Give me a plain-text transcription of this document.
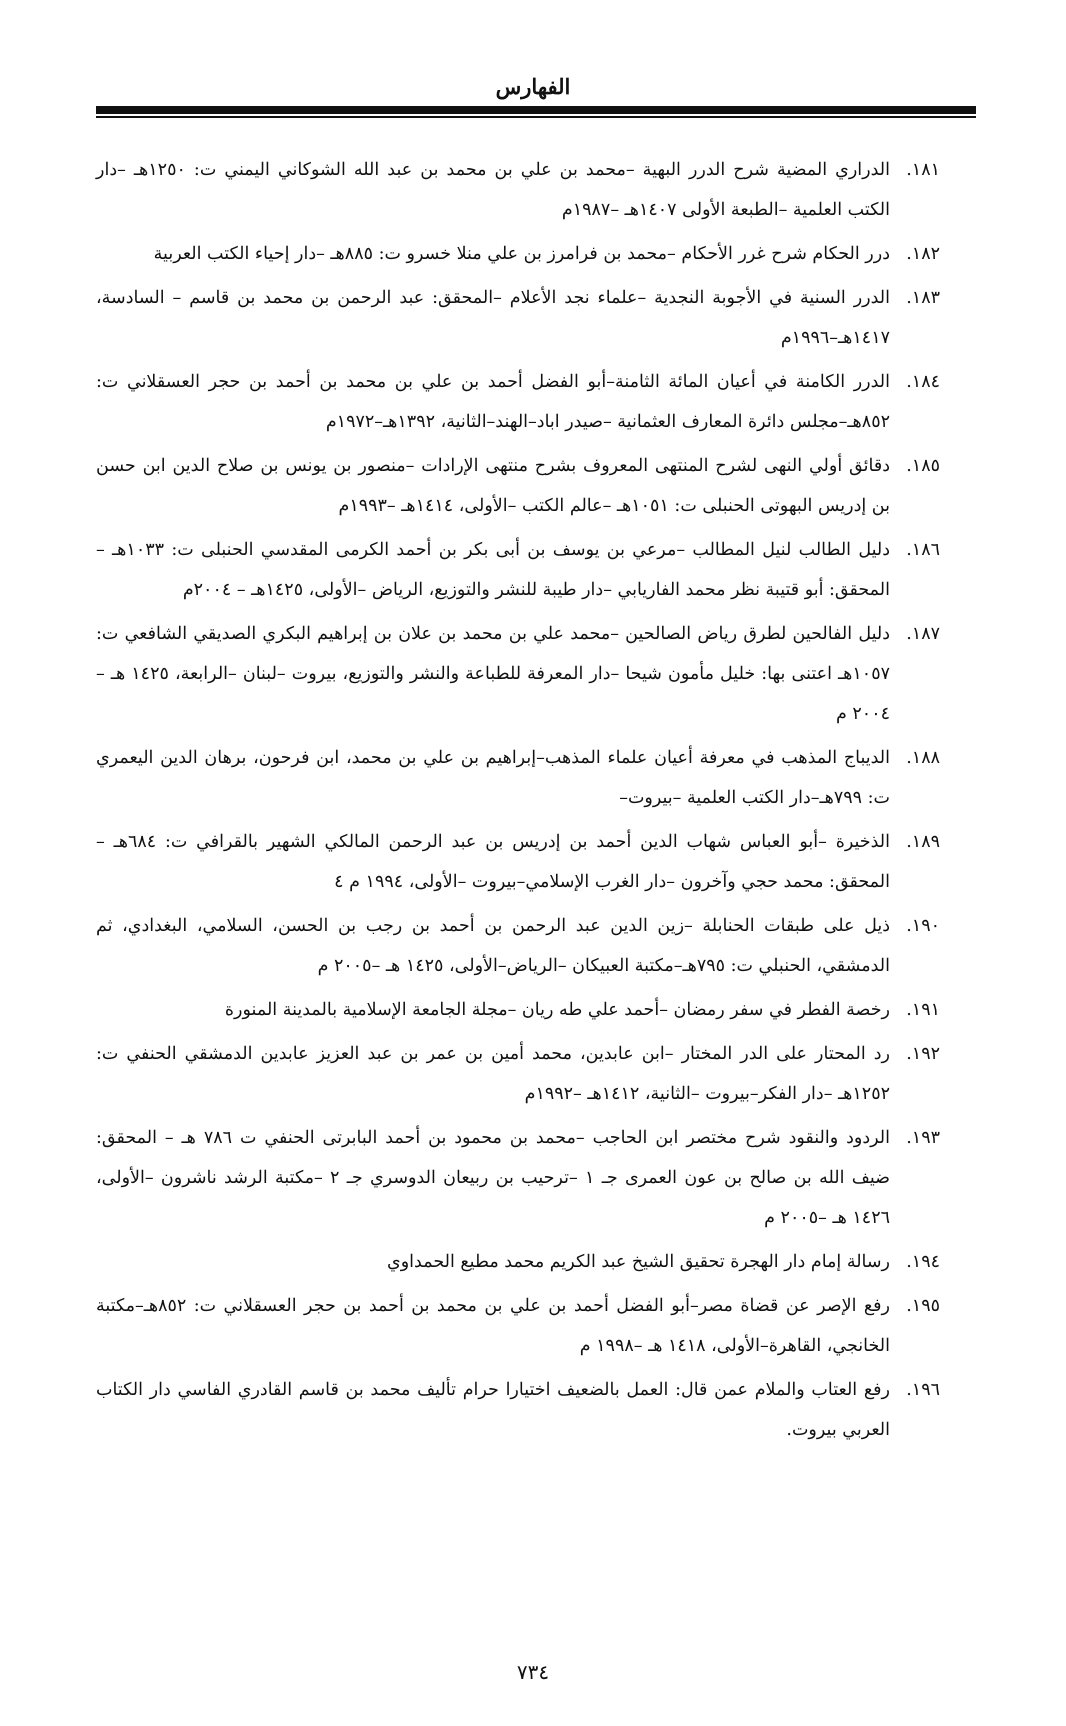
الفهارس
١٨١.
الدراري المضية شرح الدرر البهية –محمد بن علي بن محمد بن عبد الله الشوكاني اليمني ت: ١٢٥٠هـ –دار الكتب العلمية –الطبعة الأولى ١٤٠٧هـ –١٩٨٧م
١٨٢.
درر الحكام شرح غرر الأحكام –محمد بن فرامرز بن علي منلا خسرو ت: ٨٨٥هـ –دار إحياء الكتب العربية
١٨٣.
الدرر السنية في الأجوبة النجدية –علماء نجد الأعلام –المحقق: عبد الرحمن بن محمد بن قاسم – السادسة، ١٤١٧هـ–١٩٩٦م
١٨٤.
الدرر الكامنة في أعيان المائة الثامنة–أبو الفضل أحمد بن علي بن محمد بن أحمد بن حجر العسقلاني ت: ٨٥٢هـ–مجلس دائرة المعارف العثمانية –صيدر اباد–الهند–الثانية، ١٣٩٢هـ–١٩٧٢م
١٨٥.
دقائق أولي النهى لشرح المنتهى المعروف بشرح منتهى الإرادات –منصور بن يونس بن صلاح الدين ابن حسن بن إدريس البهوتى الحنبلى ت: ١٠٥١هـ –عالم الكتب –الأولى، ١٤١٤هـ –١٩٩٣م
١٨٦.
دليل الطالب لنيل المطالب –مرعي بن يوسف بن أبى بكر بن أحمد الكرمى المقدسي الحنبلى ت: ١٠٣٣هـ –المحقق: أبو قتيبة نظر محمد الفاريابي –دار طيبة للنشر والتوزيع، الرياض –الأولى، ١٤٢٥هـ – ٢٠٠٤م
١٨٧.
دليل الفالحين لطرق رياض الصالحين –محمد علي بن محمد بن علان بن إبراهيم البكري الصديقي الشافعي ت: ١٠٥٧هـ اعتنى بها: خليل مأمون شيحا –دار المعرفة للطباعة والنشر والتوزيع، بيروت –لبنان –الرابعة، ١٤٢٥ هـ –٢٠٠٤ م
١٨٨.
الديباج المذهب في معرفة أعيان علماء المذهب–إبراهيم بن علي بن محمد، ابن فرحون، برهان الدين اليعمري ت: ٧٩٩هـ–دار الكتب العلمية –بيروت–
١٨٩.
الذخيرة –أبو العباس شهاب الدين أحمد بن إدريس بن عبد الرحمن المالكي الشهير بالقرافي ت: ٦٨٤هـ –المحقق: محمد حجي وآخرون –دار الغرب الإسلامي–بيروت –الأولى، ١٩٩٤ م ٤
١٩٠.
ذيل على طبقات الحنابلة –زين الدين عبد الرحمن بن أحمد بن رجب بن الحسن، السلامي، البغدادي، ثم الدمشقي، الحنبلي ت: ٧٩٥هـ–مكتبة العبيكان –الرياض–الأولى، ١٤٢٥ هـ –٢٠٠٥ م
١٩١.
رخصة الفطر في سفر رمضان –أحمد علي طه ريان –مجلة الجامعة الإسلامية بالمدينة المنورة
١٩٢.
رد المحتار على الدر المختار –ابن عابدين، محمد أمين بن عمر بن عبد العزيز عابدين الدمشقي الحنفي ت: ١٢٥٢هـ –دار الفكر–بيروت –الثانية، ١٤١٢هـ –١٩٩٢م
١٩٣.
الردود والنقود شرح مختصر ابن الحاجب –محمد بن محمود بن أحمد البابرتى الحنفي ت ٧٨٦ هـ – المحقق: ضيف الله بن صالح بن عون العمرى جـ ١ –ترحيب بن ربيعان الدوسري جـ ٢ –مكتبة الرشد ناشرون –الأولى، ١٤٢٦ هـ –٢٠٠٥ م
١٩٤.
رسالة إمام دار الهجرة تحقيق الشيخ عبد الكريم محمد مطيع الحمداوي
١٩٥.
رفع الإصر عن قضاة مصر–أبو الفضل أحمد بن علي بن محمد بن أحمد بن حجر العسقلاني ت: ٨٥٢هـ–مكتبة الخانجي، القاهرة–الأولى، ١٤١٨ هـ –١٩٩٨ م
١٩٦.
رفع العتاب والملام عمن قال: العمل بالضعيف اختيارا حرام تأليف محمد بن قاسم القادري الفاسي دار الكتاب العربي بيروت.
٧٣٤
